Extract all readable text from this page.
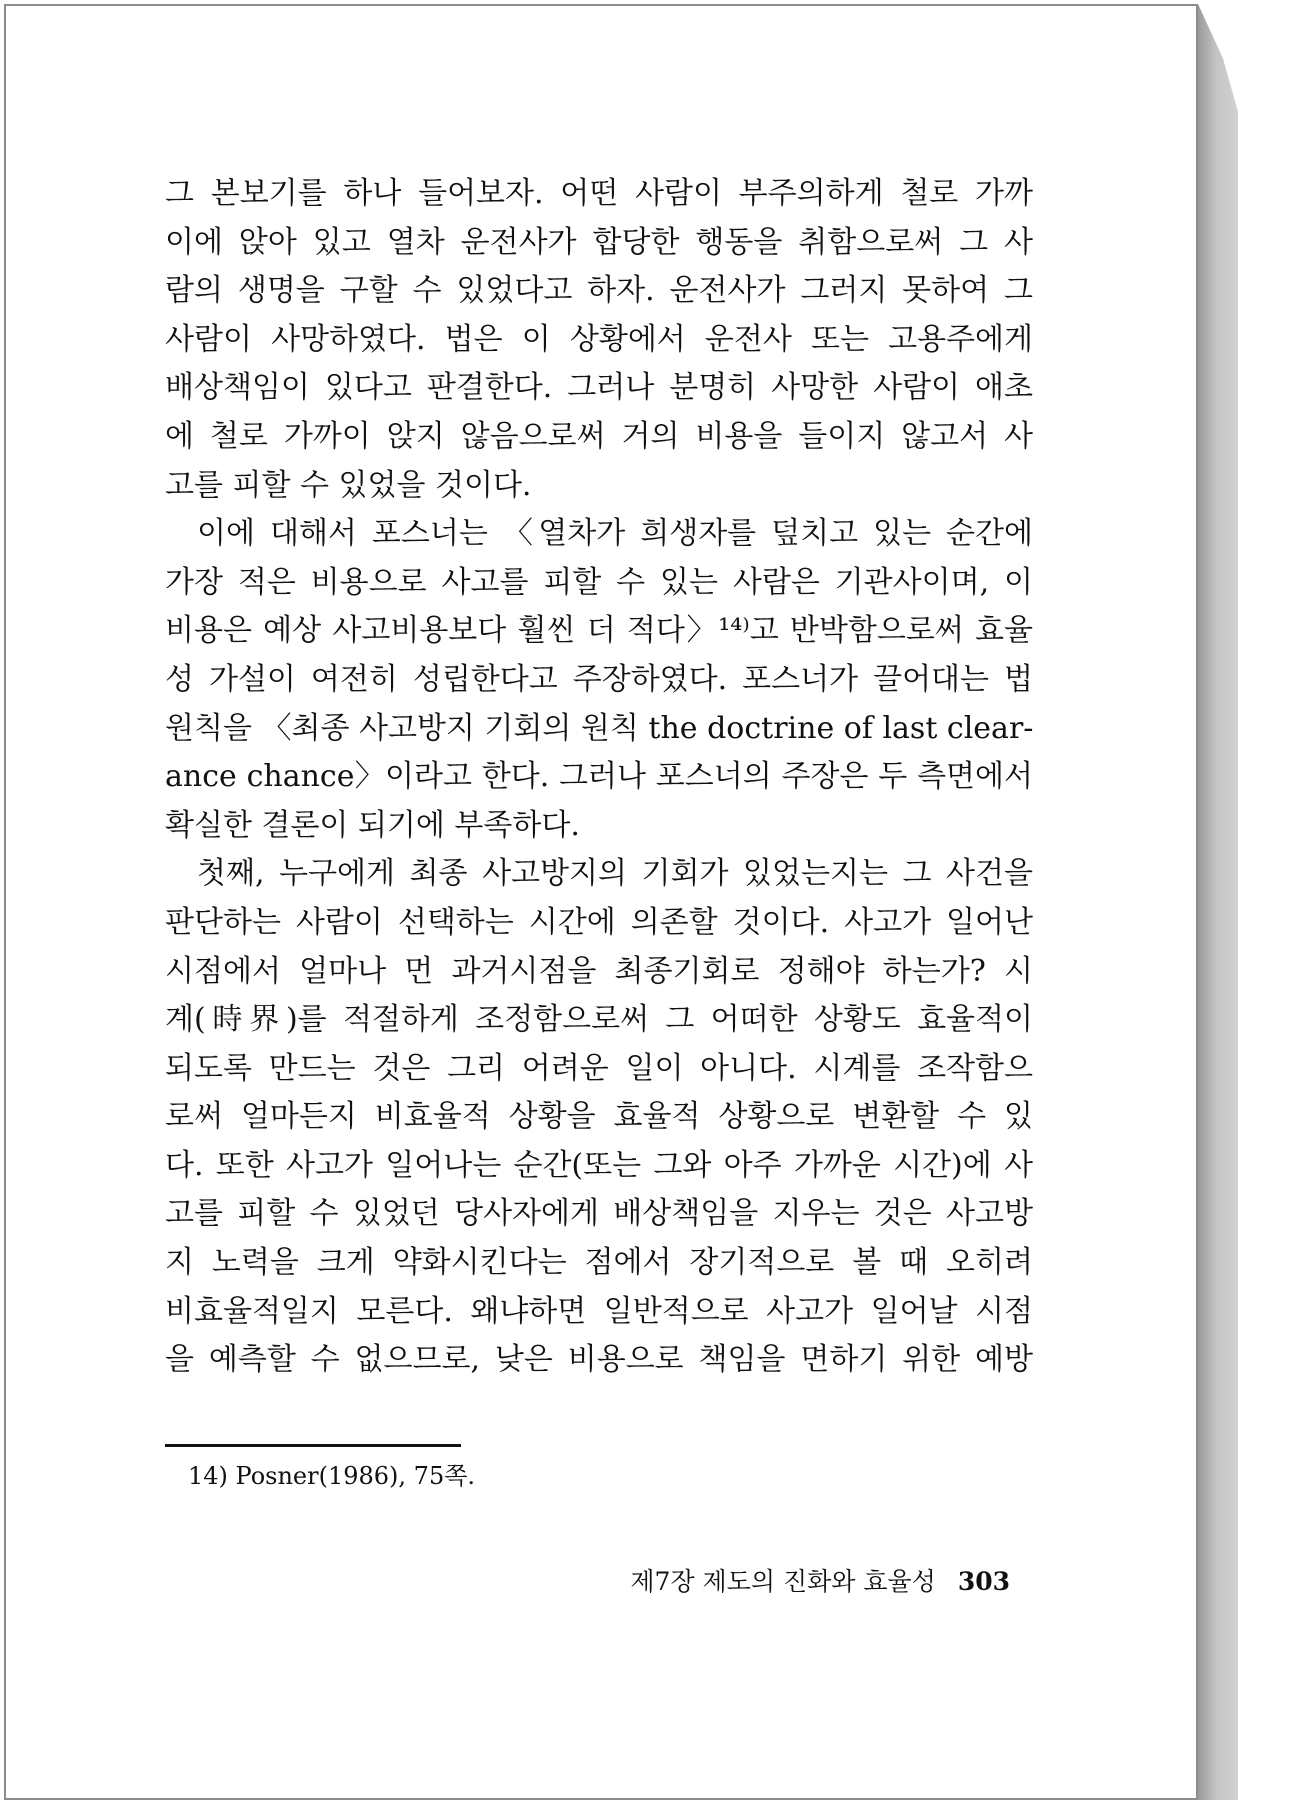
그 본보기를 하나 들어보자. 어떤 사람이 부주의하게 철로 가까
이에 앉아 있고 열차 운전사가 합당한 행동을 취함으로써 그 사
람의 생명을 구할 수 있었다고 하자. 운전사가 그러지 못하여 그
사람이 사망하였다. 법은 이 상황에서 운전사 또는 고용주에게
배상책임이 있다고 판결한다. 그러나 분명히 사망한 사람이 애초
에 철로 가까이 앉지 않음으로써 거의 비용을 들이지 않고서 사
고를 피할 수 있었을 것이다.
이에 대해서 포스너는 〈열차가 희생자를 덮치고 있는 순간에
가장 적은 비용으로 사고를 피할 수 있는 사람은 기관사이며, 이
비용은 예상 사고비용보다 훨씬 더 적다〉¹⁴⁾고 반박함으로써 효율
성 가설이 여전히 성립한다고 주장하였다. 포스너가 끌어대는 법
원칙을 〈최종 사고방지 기회의 원칙 the doctrine of last clear-
ance chance〉이라고 한다. 그러나 포스너의 주장은 두 측면에서
확실한 결론이 되기에 부족하다.
첫째, 누구에게 최종 사고방지의 기회가 있었는지는 그 사건을
판단하는 사람이 선택하는 시간에 의존할 것이다. 사고가 일어난
시점에서 얼마나 먼 과거시점을 최종기회로 정해야 하는가? 시
계(時界)를 적절하게 조정함으로써 그 어떠한 상황도 효율적이
되도록 만드는 것은 그리 어려운 일이 아니다. 시계를 조작함으
로써 얼마든지 비효율적 상황을 효율적 상황으로 변환할 수 있
다. 또한 사고가 일어나는 순간(또는 그와 아주 가까운 시간)에 사
고를 피할 수 있었던 당사자에게 배상책임을 지우는 것은 사고방
지 노력을 크게 약화시킨다는 점에서 장기적으로 볼 때 오히려
비효율적일지 모른다. 왜냐하면 일반적으로 사고가 일어날 시점
을 예측할 수 없으므로, 낮은 비용으로 책임을 면하기 위한 예방
14) Posner(1986), 75쪽.
제7장 제도의 진화와 효율성 303
